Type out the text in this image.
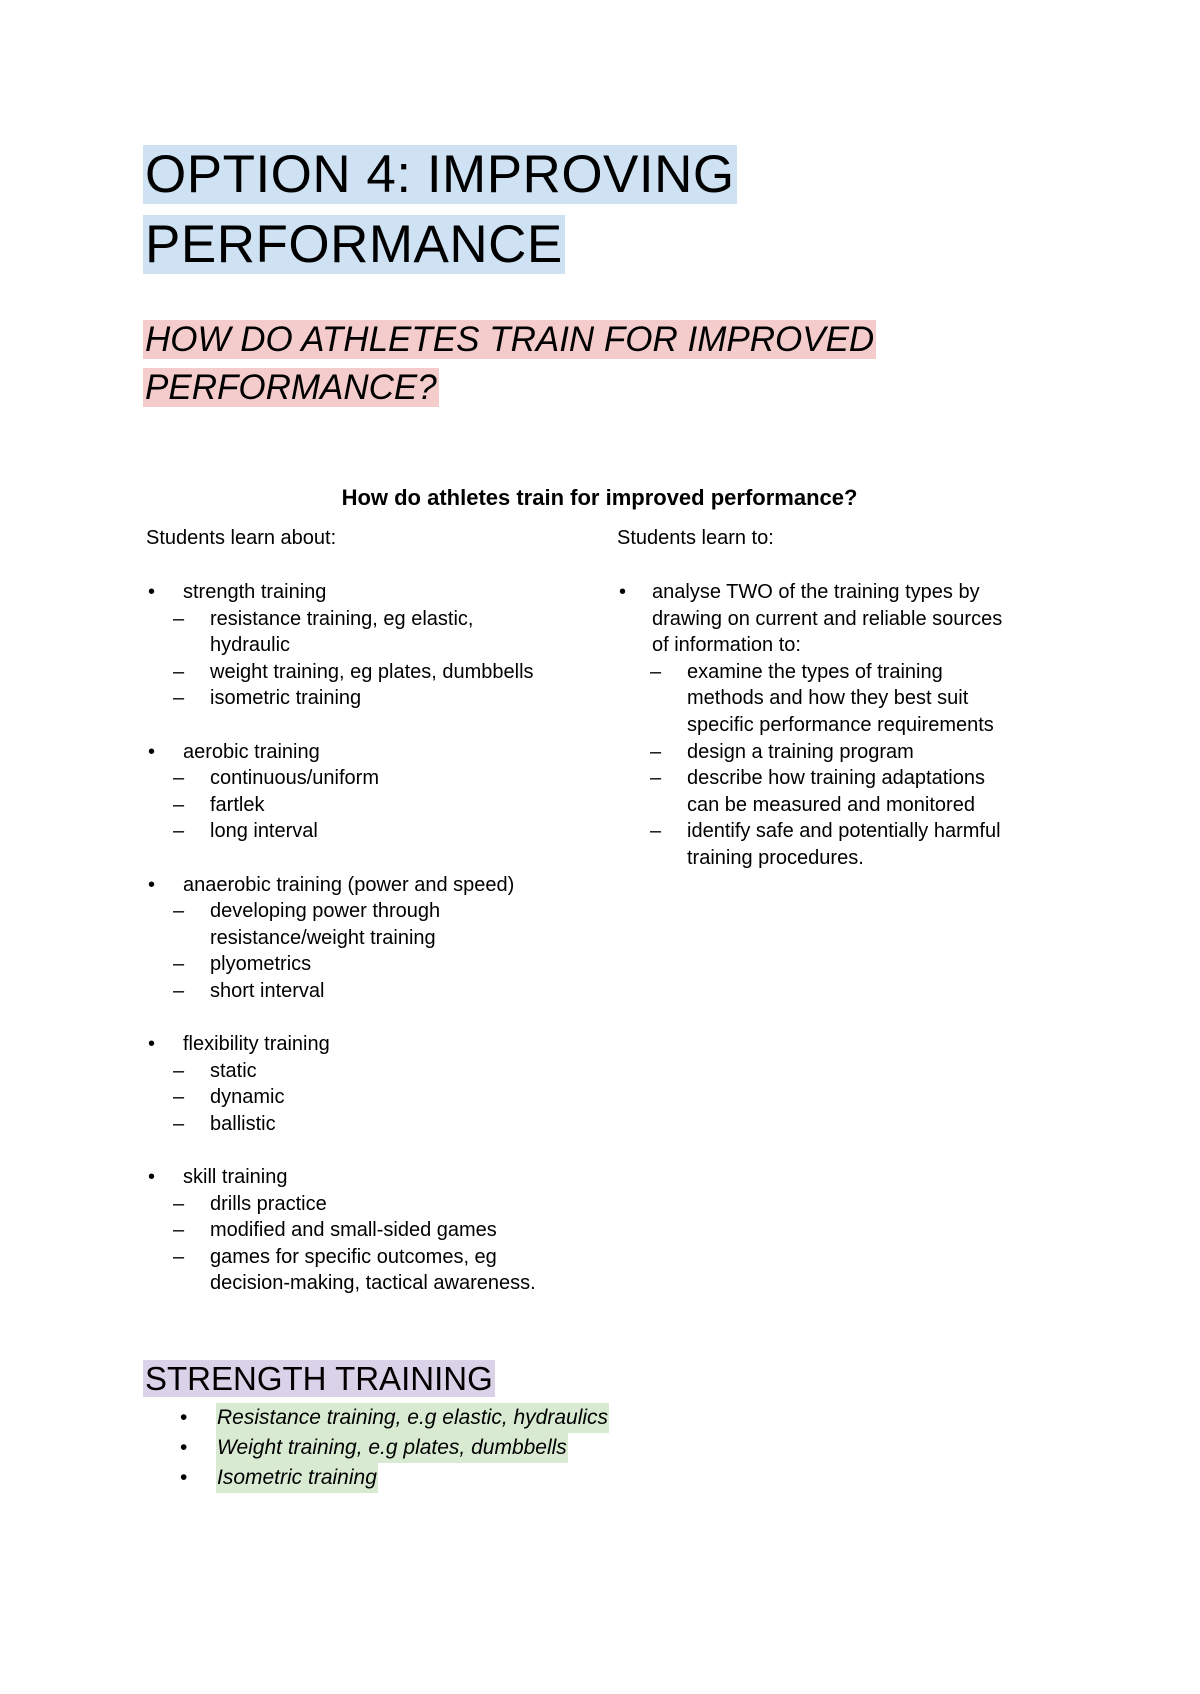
OPTION 4: IMPROVING
PERFORMANCE
HOW DO ATHLETES TRAIN FOR IMPROVED
PERFORMANCE?
How do athletes train for improved performance?
Students learn about:	Students learn to:
•	strength training
–	resistance training, eg elastic,
hydraulic
–	weight training, eg plates, dumbbells
–	isometric training
•	aerobic training
–	continuous/uniform
–	fartlek
–	long interval
•	anaerobic training (power and speed)
–	developing power through
resistance/weight training
–	plyometrics
–	short interval
•	flexibility training
–	static
–	dynamic
–	ballistic
•	skill training
–	drills practice
–	modified and small-sided games
–	games for specific outcomes, eg
decision-making, tactical awareness.
•	analyse TWO of the training types by
drawing on current and reliable sources
of information to:
–	examine the types of training
methods and how they best suit
specific performance requirements
–	design a training program
–	describe how training adaptations
can be measured and monitored
–	identify safe and potentially harmful
training procedures.
STRENGTH TRAINING
•	Resistance training, e.g elastic, hydraulics
•	Weight training, e.g plates, dumbbells
•	Isometric training
